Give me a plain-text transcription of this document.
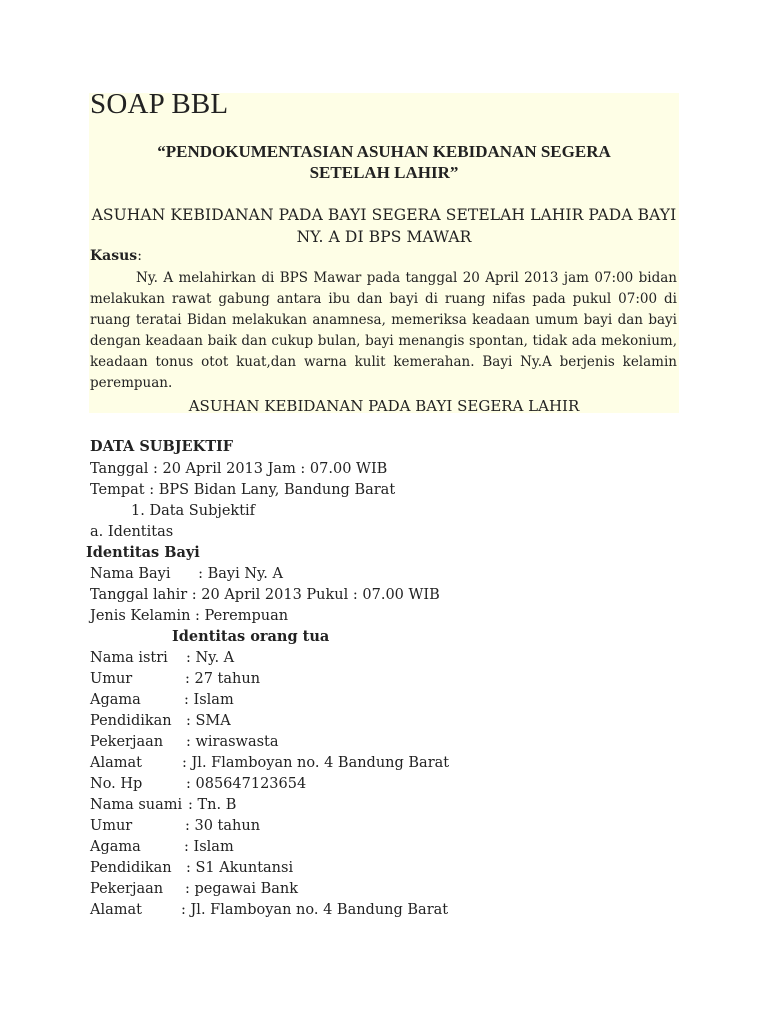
SOAP BBL
“PENDOKUMENTASIAN ASUHAN KEBIDANAN SEGERA
SETELAH LAHIR”
ASUHAN KEBIDANAN PADA BAYI SEGERA SETELAH LAHIR PADA BAYI
NY. A DI BPS MAWAR
Kasus:
Ny. A melahirkan di BPS Mawar pada tanggal 20 April 2013 jam 07:00 bidan melakukan rawat gabung antara ibu dan bayi di ruang nifas pada pukul 07:00 di ruang teratai Bidan melakukan anamnesa, memeriksa keadaan umum bayi dan bayi dengan keadaan baik dan cukup bulan, bayi menangis spontan, tidak ada mekonium, keadaan tonus otot kuat,dan warna kulit kemerahan. Bayi Ny.A berjenis kelamin perempuan.
ASUHAN KEBIDANAN PADA BAYI SEGERA LAHIR
DATA SUBJEKTIF
Tanggal : 20 April 2013 Jam : 07.00 WIB
Tempat : BPS Bidan Lany, Bandung Barat
1. Data Subjektif
a. Identitas
Identitas Bayi
Nama Bayi      : Bayi Ny. A
Tanggal lahir : 20 April 2013 Pukul : 07.00 WIB
Jenis Kelamin : Perempuan
Identitas orang tua
Nama istri : Ny. A
Umur	: 27 tahun
Agama	: Islam
Pendidikan : SMA
Pekerjaan : wiraswasta
Alamat	: Jl. Flamboyan no. 4 Bandung Barat
No. Hp	: 085647123654
Nama suami : Tn. B
Umur	: 30 tahun
Agama	: Islam
Pendidikan : S1 Akuntansi
Pekerjaan : pegawai Bank
Alamat	: Jl. Flamboyan no. 4 Bandung Barat
